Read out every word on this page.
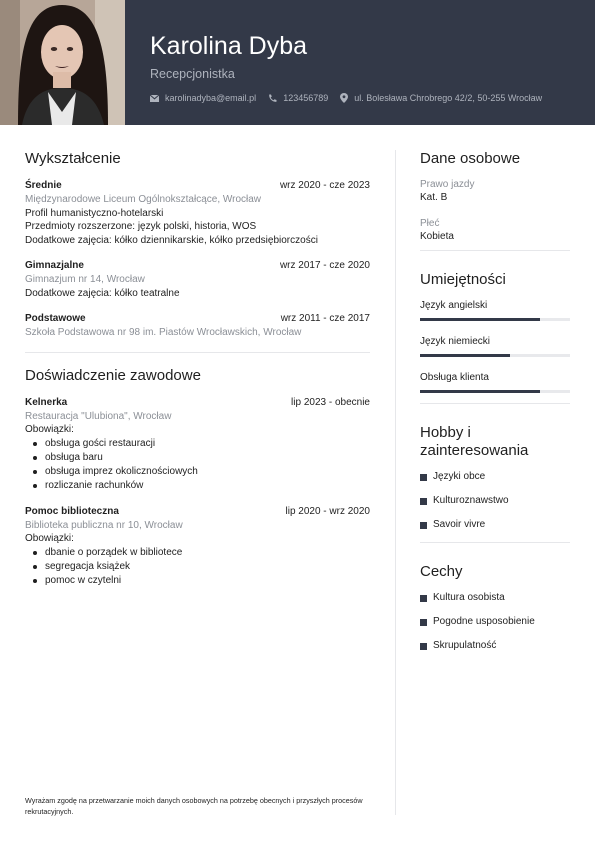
Karolina Dyba
Recepcjonistka
karolinadyba@email.pl	123456789	ul. Bolesława Chrobrego 42/2, 50-255 Wrocław
Wykształcenie
Średnie	wrz 2020 - cze 2023
Międzynarodowe Liceum Ogólnokształcące, Wrocław
Profil humanistyczno-hotelarski
Przedmioty rozszerzone: język polski, historia, WOS
Dodatkowe zajęcia: kółko dziennikarskie, kółko przedsiębiorczości
Gimnazjalne	wrz 2017 - cze 2020
Gimnazjum nr 14, Wrocław
Dodatkowe zajęcia: kółko teatralne
Podstawowe	wrz 2011 - cze 2017
Szkoła Podstawowa nr 98 im. Piastów Wrocławskich, Wrocław
Doświadczenie zawodowe
Kelnerka	lip 2023 - obecnie
Restauracja "Ulubiona", Wrocław
Obowiązki:
obsługa gości restauracji
obsługa baru
obsługa imprez okolicznościowych
rozliczanie rachunków
Pomoc biblioteczna	lip 2020 - wrz 2020
Biblioteka publiczna nr 10, Wrocław
Obowiązki:
dbanie o porządek w bibliotece
segregacja książek
pomoc w czytelni
Dane osobowe
Prawo jazdy
Kat. B
Płeć
Kobieta
Umiejętności
Język angielski
Język niemiecki
Obsługa klienta
Hobby i
zainteresowania
Języki obce
Kulturoznawstwo
Savoir vivre
Cechy
Kultura osobista
Pogodne usposobienie
Skrupulatność
Wyrażam zgodę na przetwarzanie moich danych osobowych na potrzebę obecnych i przyszłych procesów rekrutacyjnych.
